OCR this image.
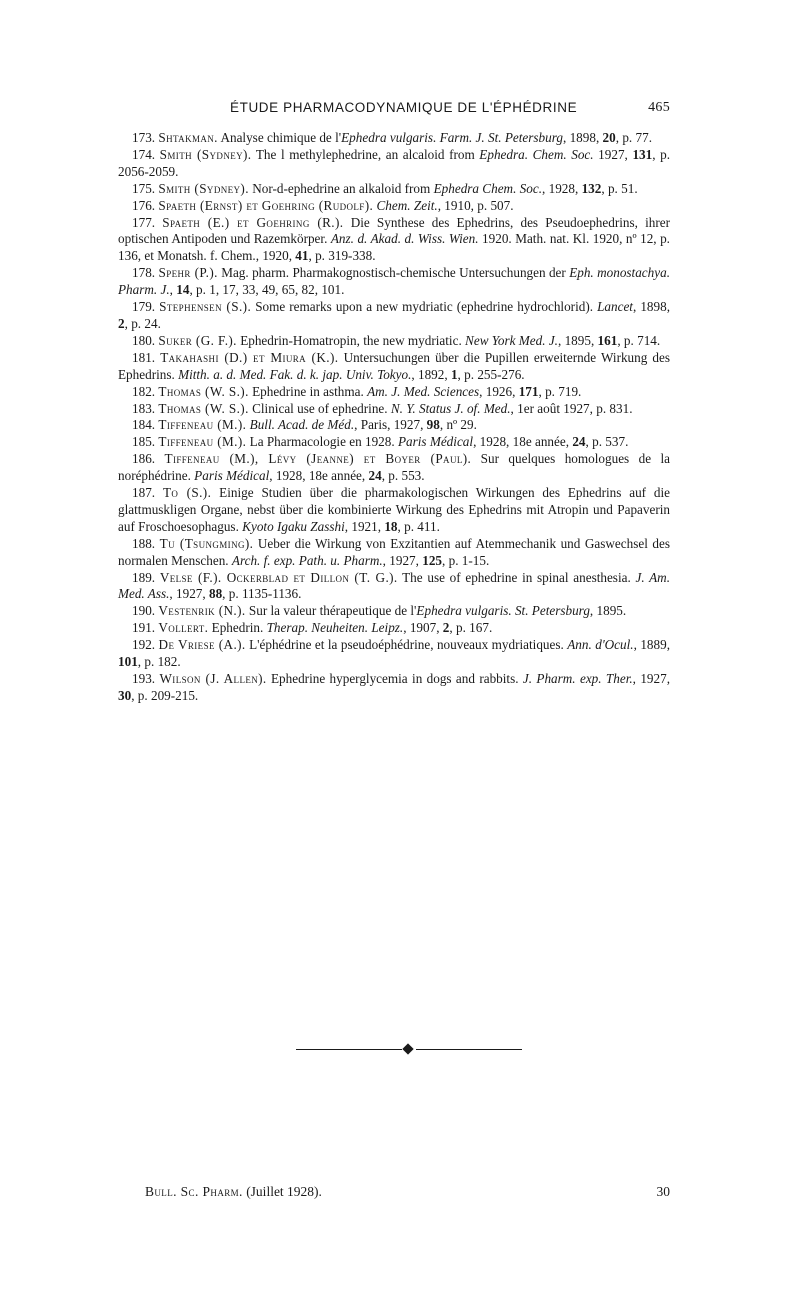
ÉTUDE PHARMACODYNAMIQUE DE L'ÉPHÉDRINE	465

173. Shtakman. Analyse chimique de l'Ephedra vulgaris. Farm. J. St. Petersburg, 1898, 20, p. 77.

174. Smith (Sydney). The l methylephedrine, an alcaloid from Ephedra. Chem. Soc. 1927, 131, p. 2056-2059.

175. Smith (Sydney). Nor-d-ephedrine an alkaloid from Ephedra Chem. Soc., 1928, 132, p. 51.

176. Spaeth (Ernst) et Goehring (Rudolf). Chem. Zeit., 1910, p. 507.

177. Spaeth (E.) et Goehring (R.). Die Synthese des Ephedrins, des Pseudoephedrins, ihrer optischen Antipoden und Razemkörper. Anz. d. Akad. d. Wiss. Wien. 1920. Math. nat. Kl. 1920, nº 12, p. 136, et Monatsh. f. Chem., 1920, 41, p. 319-338.

178. Spehr (P.). Mag. pharm. Pharmakognostisch-chemische Untersuchungen der Eph. monostachya. Pharm. J., 14, p. 1, 17, 33, 49, 65, 82, 101.

179. Stephensen (S.). Some remarks upon a new mydriatic (ephedrine hydrochlorid). Lancet, 1898, 2, p. 24.

180. Suker (G. F.). Ephedrin-Homatropin, the new mydriatic. New York Med. J., 1895, 161, p. 714.

181. Takahashi (D.) et Miura (K.). Untersuchungen über die Pupillen erweiternde Wirkung des Ephedrins. Mitth. a. d. Med. Fak. d. k. jap. Univ. Tokyo., 1892, 1, p. 255-276.

182. Thomas (W. S.). Ephedrine in asthma. Am. J. Med. Sciences, 1926, 171, p. 719.

183. Thomas (W. S.). Clinical use of ephedrine. N. Y. Status J. of. Med., 1er août 1927, p. 831.

184. Tiffeneau (M.). Bull. Acad. de Méd., Paris, 1927, 98, nº 29.

185. Tiffeneau (M.). La Pharmacologie en 1928. Paris Médical, 1928, 18e année, 24, p. 537.

186. Tiffeneau (M.), Lévy (Jeanne) et Boyer (Paul). Sur quelques homologues de la noréphédrine. Paris Médical, 1928, 18e année, 24, p. 553.

187. To (S.). Einige Studien über die pharmakologischen Wirkungen des Ephedrins auf die glattmuskligen Organe, nebst über die kombinierte Wirkung des Ephedrins mit Atropin und Papaverin auf Froschoesophagus. Kyoto Igaku Zasshi, 1921, 18, p. 411.

188. Tu (Tsungming). Ueber die Wirkung von Exzitantien auf Atemmechanik und Gaswechsel des normalen Menschen. Arch. f. exp. Path. u. Pharm., 1927, 125, p. 1-15.

189. Velse (F.). Ockerblad et Dillon (T. G.). The use of ephedrine in spinal anesthesia. J. Am. Med. Ass., 1927, 88, p. 1135-1136.

190. Vestenrik (N.). Sur la valeur thérapeutique de l'Ephedra vulgaris. St. Petersburg, 1895.

191. Vollert. Ephedrin. Therap. Neuheiten. Leipz., 1907, 2, p. 167.

192. De Vriese (A.). L'éphédrine et la pseudoéphédrine, nouveaux mydriatiques. Ann. d'Ocul., 1889, 101, p. 182.

193. Wilson (J. Allen). Ephedrine hyperglycemia in dogs and rabbits. J. Pharm. exp. Ther., 1927, 30, p. 209-215.

Bull. Sc. Pharm. (Juillet 1928).	30
